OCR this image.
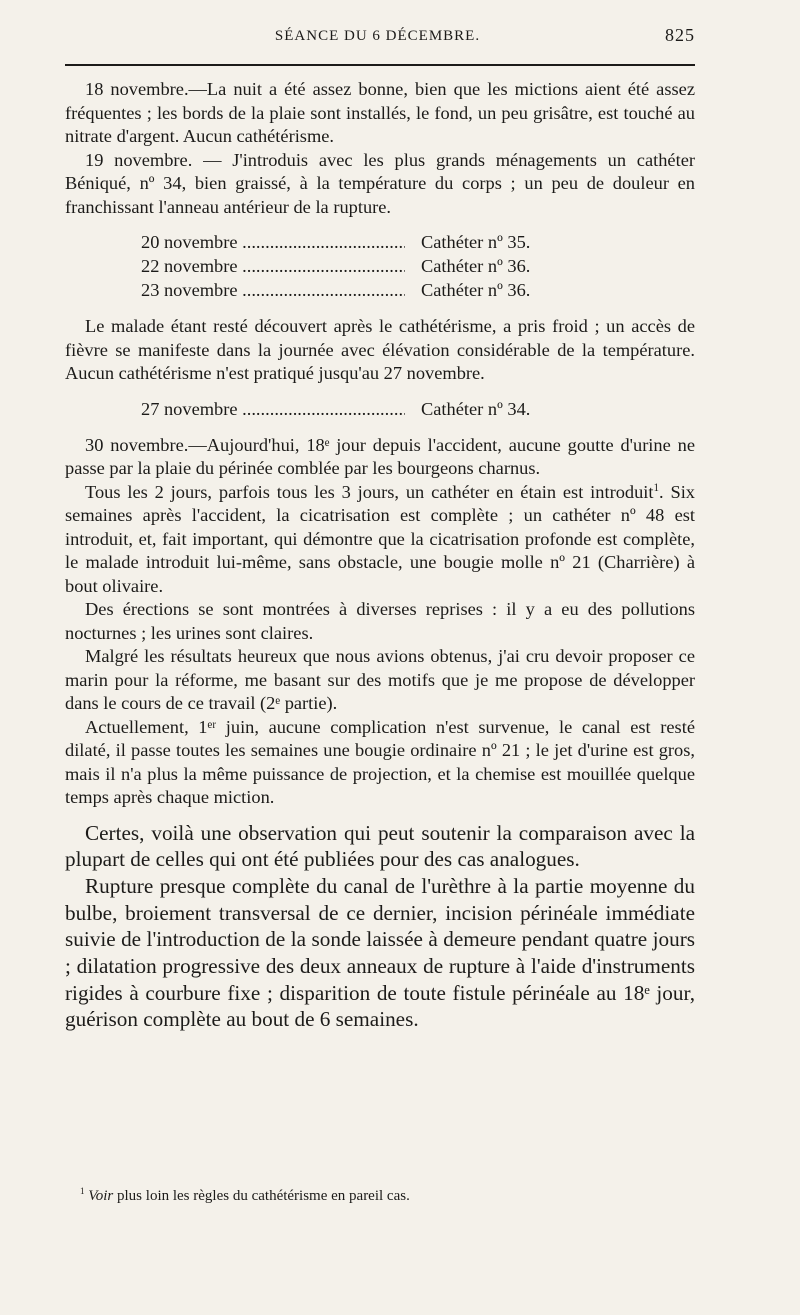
SÉANCE DU 6 DÉCEMBRE.	825

18 novembre.—La nuit a été assez bonne, bien que les mictions aient été assez fréquentes ; les bords de la plaie sont installés, le fond, un peu grisâtre, est touché au nitrate d'argent. Aucun cathétérisme.

19 novembre. — J'introduis avec les plus grands ménagements un cathéter Béniqué, nº 34, bien graissé, à la température du corps ; un peu de douleur en franchissant l'anneau antérieur de la rupture.

20 novembre .....	Cathéter nº 35.
22 novembre .....	Cathéter nº 36.
23 novembre .....	Cathéter nº 36.

Le malade étant resté découvert après le cathétérisme, a pris froid ; un accès de fièvre se manifeste dans la journée avec élévation considérable de la température. Aucun cathétérisme n'est pratiqué jusqu'au 27 novembre.

27 novembre .....	Cathéter nº 34.

30 novembre.—Aujourd'hui, 18ᵉ jour depuis l'accident, aucune goutte d'urine ne passe par la plaie du périnée comblée par les bourgeons charnus.

Tous les 2 jours, parfois tous les 3 jours, un cathéter en étain est introduit$^1$. Six semaines après l'accident, la cicatrisation est complète ; un cathéter nº 48 est introduit, et, fait important, qui démontre que la cicatrisation profonde est complète, le malade introduit lui-même, sans obstacle, une bougie molle nº 21 (Charrière) à bout olivaire.

Des érections se sont montrées à diverses reprises : il y a eu des pollutions nocturnes ; les urines sont claires.

Malgré les résultats heureux que nous avions obtenus, j'ai cru devoir proposer ce marin pour la réforme, me basant sur des motifs que je me propose de développer dans le cours de ce travail (2ᵉ partie).

Actuellement, 1ᵉʳ juin, aucune complication n'est survenue, le canal est resté dilaté, il passe toutes les semaines une bougie ordinaire nº 21 ; le jet d'urine est gros, mais il n'a plus la même puissance de projection, et la chemise est mouillée quelque temps après chaque miction.

Certes, voilà une observation qui peut soutenir la comparaison avec la plupart de celles qui ont été publiées pour des cas analogues.

Rupture presque complète du canal de l'urèthre à la partie moyenne du bulbe, broiement transversal de ce dernier, incision périnéale immédiate suivie de l'introduction de la sonde laissée à demeure pendant quatre jours ; dilatation progressive des deux anneaux de rupture à l'aide d'instruments rigides à courbure fixe ; disparition de toute fistule périnéale au 18ᵉ jour, guérison complète au bout de 6 semaines.

$^1$ Voir plus loin les règles du cathétérisme en pareil cas.
